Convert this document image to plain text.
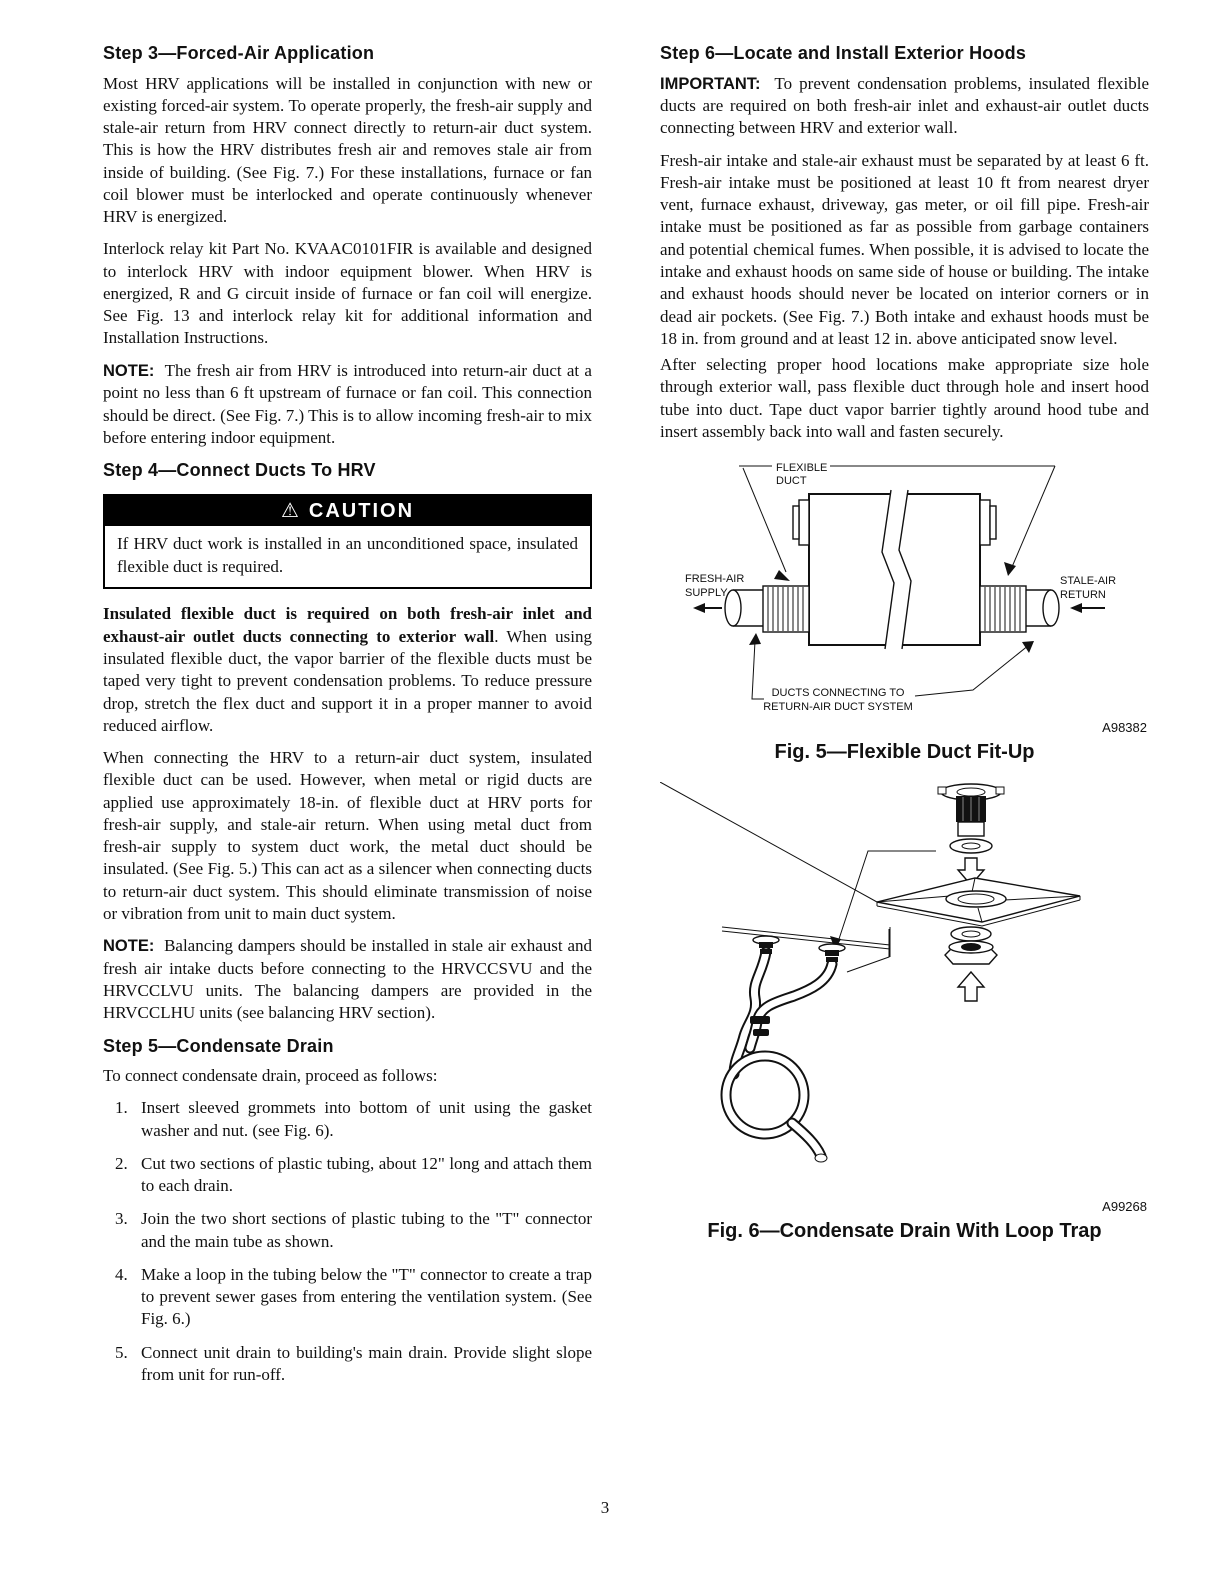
Step 3—Forced-Air Application

Most HRV applications will be installed in conjunction with new or existing forced-air system. To operate properly, the fresh-air supply and stale-air return from HRV connect directly to return-air duct system. This is how the HRV distributes fresh air and removes stale air from inside of building. (See Fig. 7.) For these installations, furnace or fan coil blower must be interlocked and operate continuously whenever HRV is energized.

Interlock relay kit Part No. KVAAC0101FIR is available and designed to interlock HRV with indoor equipment blower. When HRV is energized, R and G circuit inside of furnace or fan coil will energize. See Fig. 13 and interlock relay kit for additional information and Installation Instructions.

NOTE: The fresh air from HRV is introduced into return-air duct at a point no less than 6 ft upstream of furnace or fan coil. This connection should be direct. (See Fig. 7.) This is to allow incoming fresh-air to mix before entering indoor equipment.

Step 4—Connect Ducts To HRV
⚠ CAUTION
If HRV duct work is installed in an unconditioned space, insulated flexible duct is required.

Insulated flexible duct is required on both fresh-air inlet and exhaust-air outlet ducts connecting to exterior wall. When using insulated flexible duct, the vapor barrier of the flexible ducts must be taped very tight to prevent condensation problems. To reduce pressure drop, stretch the flex duct and support it in a proper manner to avoid reduced airflow.

When connecting the HRV to a return-air duct system, insulated flexible duct can be used. However, when metal or rigid ducts are applied use approximately 18-in. of flexible duct at HRV ports for fresh-air supply, and stale-air return. When using metal duct from fresh-air supply to system duct work, the metal duct should be insulated. (See Fig. 5.) This can act as a silencer when connecting ducts to return-air duct system. This should eliminate transmission of noise or vibration from unit to main duct system.

NOTE: Balancing dampers should be installed in stale air exhaust and fresh air intake ducts before connecting to the HRVCCSVU and the HRVCCLVU units. The balancing dampers are provided in the HRVCCLHU units (see balancing HRV section).

Step 5—Condensate Drain

To connect condensate drain, proceed as follows:

1. Insert sleeved grommets into bottom of unit using the gasket washer and nut. (see Fig. 6).
2. Cut two sections of plastic tubing, about 12" long and attach them to each drain.
3. Join the two short sections of plastic tubing to the "T" connector and the main tube as shown.
4. Make a loop in the tubing below the "T" connector to create a trap to prevent sewer gases from entering the ventilation system. (See Fig. 6.)
5. Connect unit drain to building's main drain. Provide slight slope from unit for run-off.
Step 6—Locate and Install Exterior Hoods

IMPORTANT: To prevent condensation problems, insulated flexible ducts are required on both fresh-air inlet and exhaust-air outlet ducts connecting between HRV and exterior wall.

Fresh-air intake and stale-air exhaust must be separated by at least 6 ft. Fresh-air intake must be positioned at least 10 ft from nearest dryer vent, furnace exhaust, driveway, gas meter, or oil fill pipe. Fresh-air intake must be positioned as far as possible from garbage containers and potential chemical fumes. When possible, it is advised to locate the intake and exhaust hoods on same side of house or building. The intake and exhaust hoods should never be located on interior corners or in dead air pockets. (See Fig. 7.) Both intake and exhaust hoods must be 18 in. from ground and at least 12 in. above anticipated snow level.

After selecting proper hood locations make appropriate size hole through exterior wall, pass flexible duct through hole and insert hood tube into duct. Tape duct vapor barrier tightly around hood tube and insert assembly back into wall and fasten securely.

FLEXIBLE
DUCT
FRESH-AIR
SUPPLY
STALE-AIR
RETURN
DUCTS CONNECTING TO
RETURN-AIR DUCT SYSTEM
A98382
Fig. 5—Flexible Duct Fit-Up
A99268
Fig. 6—Condensate Drain With Loop Trap
3
